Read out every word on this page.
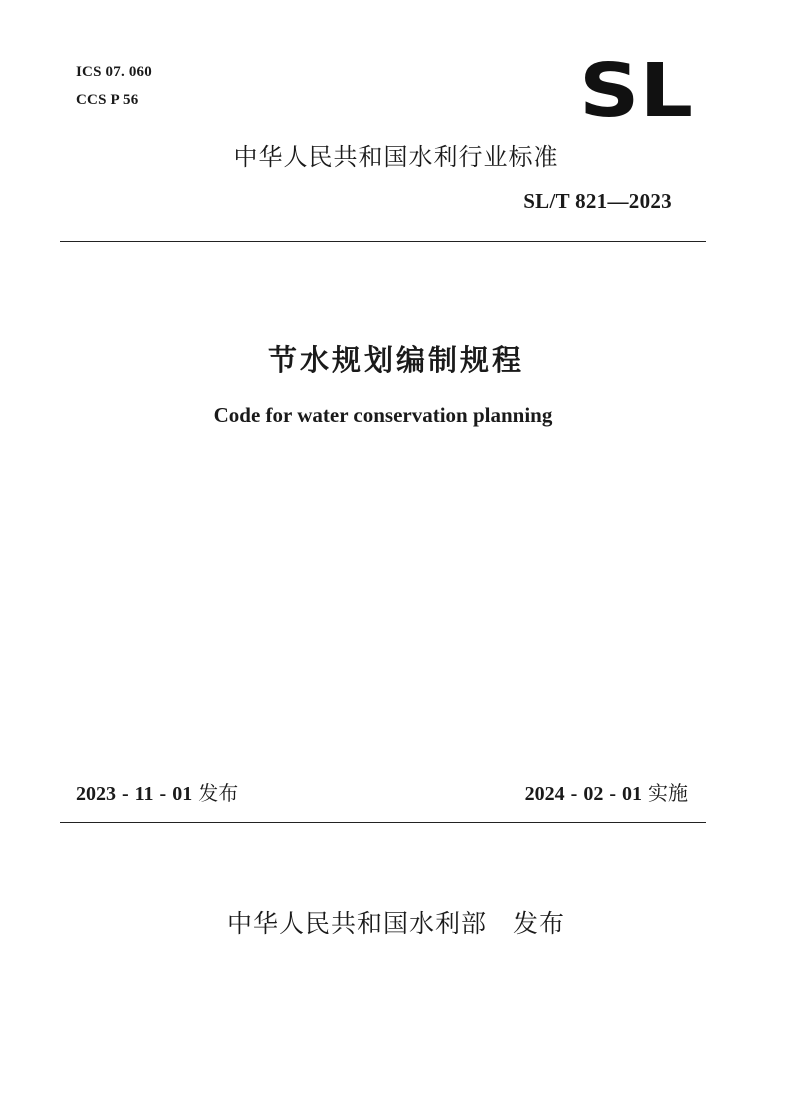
ICS 07. 060
CCS P 56	SL
中华人民共和国水利行业标准
SL/T 821—2023
节水规划编制规程
Code for water conservation planning
2023 - 11 - 01 发布	2024 - 02 - 01 实施
中华人民共和国水利部 发布
